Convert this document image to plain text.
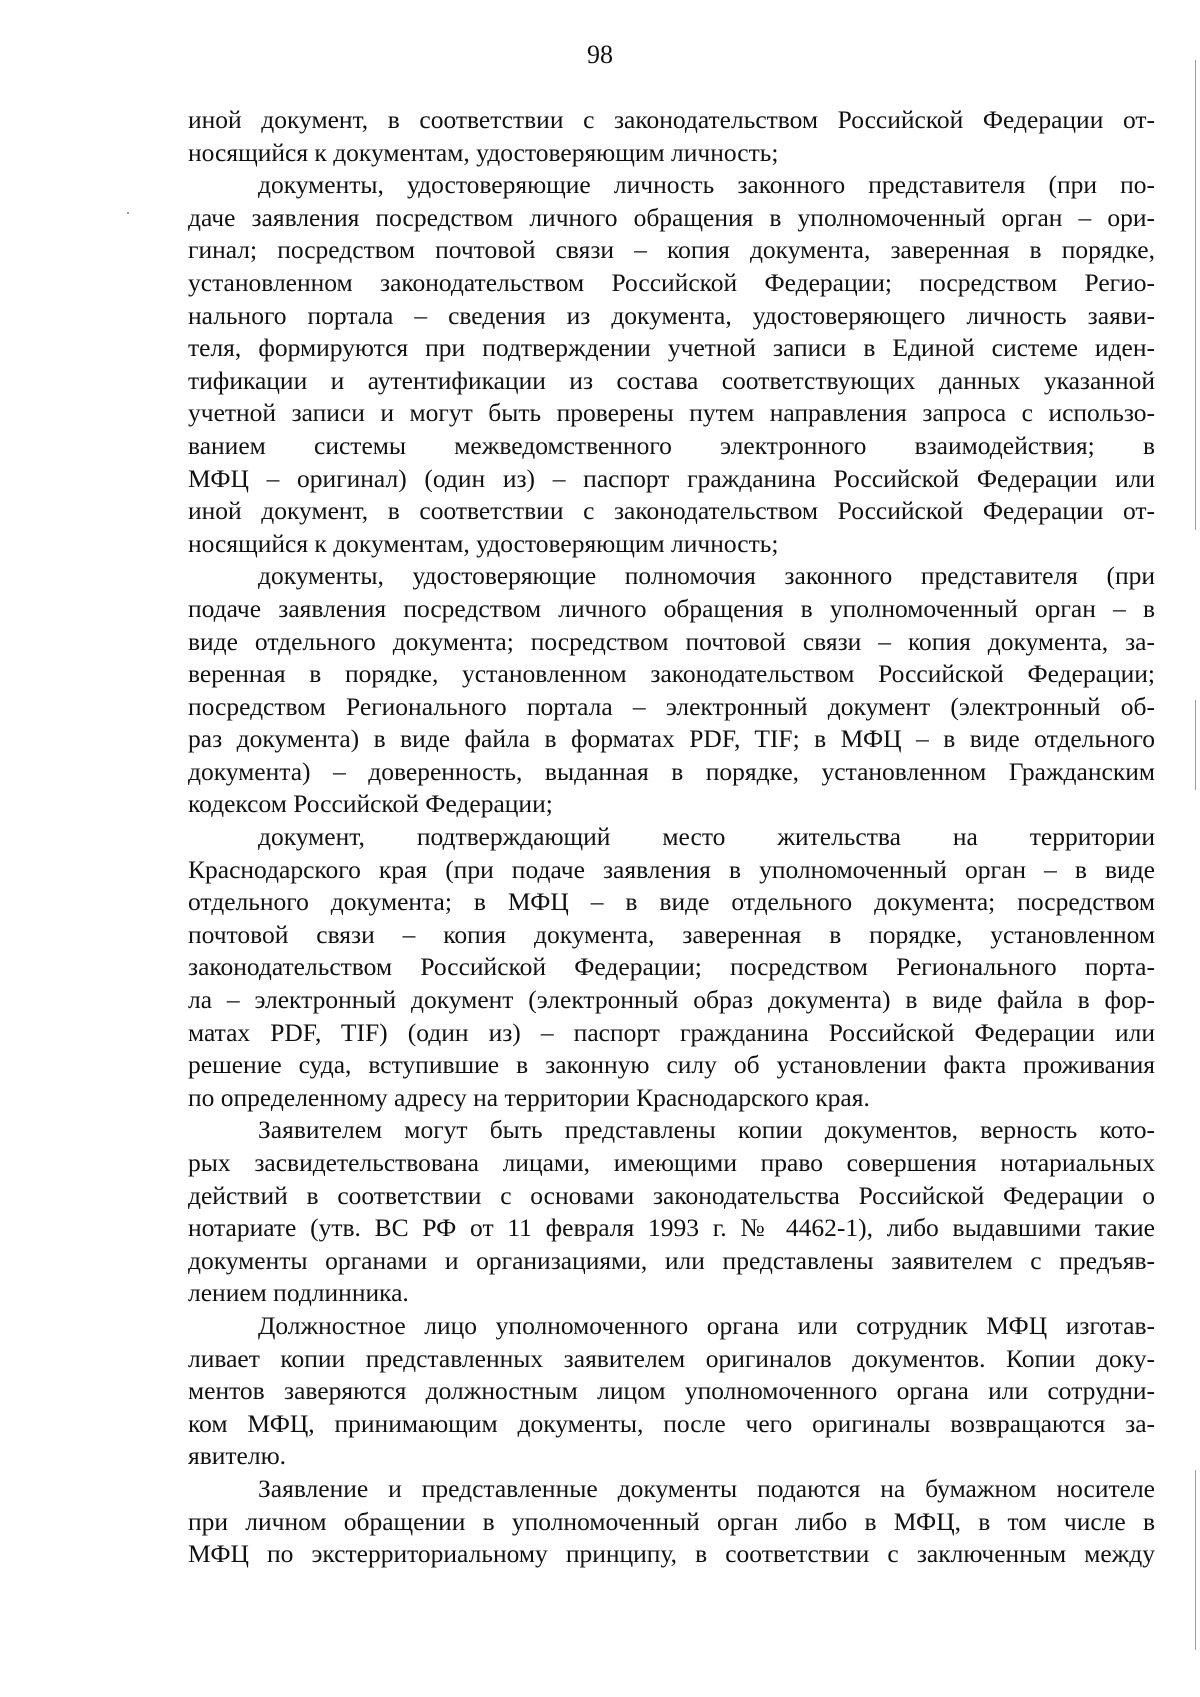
98
иной документ, в соответствии с законодательством Российской Федерации от-
носящийся к документам, удостоверяющим личность;
документы, удостоверяющие личность законного представителя (при по-
даче заявления посредством личного обращения в уполномоченный орган – ори-
гинал; посредством почтовой связи – копия документа, заверенная в порядке,
установленном законодательством Российской Федерации; посредством Регио-
нального портала – сведения из документа, удостоверяющего личность заяви-
теля, формируются при подтверждении учетной записи в Единой системе иден-
тификации и аутентификации из состава соответствующих данных указанной
учетной записи и могут быть проверены путем направления запроса с использо-
ванием системы межведомственного электронного взаимодействия; в
МФЦ – оригинал) (один из) – паспорт гражданина Российской Федерации или
иной документ, в соответствии с законодательством Российской Федерации от-
носящийся к документам, удостоверяющим личность;
документы, удостоверяющие полномочия законного представителя (при
подаче заявления посредством личного обращения в уполномоченный орган – в
виде отдельного документа; посредством почтовой связи – копия документа, за-
веренная в порядке, установленном законодательством Российской Федерации;
посредством Регионального портала – электронный документ (электронный об-
раз документа) в виде файла в форматах PDF, TIF; в МФЦ – в виде отдельного
документа) – доверенность, выданная в порядке, установленном Гражданским
кодексом Российской Федерации;
документ, подтверждающий место жительства на территории
Краснодарского края (при подаче заявления в уполномоченный орган – в виде
отдельного документа; в МФЦ – в виде отдельного документа; посредством
почтовой связи – копия документа, заверенная в порядке, установленном
законодательством Российской Федерации; посредством Регионального порта-
ла – электронный документ (электронный образ документа) в виде файла в фор-
матах PDF, TIF) (один из) – паспорт гражданина Российской Федерации или
решение суда, вступившие в законную силу об установлении факта проживания
по определенному адресу на территории Краснодарского края.
Заявителем могут быть представлены копии документов, верность кото-
рых засвидетельствована лицами, имеющими право совершения нотариальных
действий в соответствии с основами законодательства Российской Федерации о
нотариате (утв. ВС РФ от 11 февраля 1993 г. № 4462-1), либо выдавшими такие
документы органами и организациями, или представлены заявителем с предъяв-
лением подлинника.
Должностное лицо уполномоченного органа или сотрудник МФЦ изготав-
ливает копии представленных заявителем оригиналов документов. Копии доку-
ментов заверяются должностным лицом уполномоченного органа или сотрудни-
ком МФЦ, принимающим документы, после чего оригиналы возвращаются за-
явителю.
Заявление и представленные документы подаются на бумажном носителе
при личном обращении в уполномоченный орган либо в МФЦ, в том числе в
МФЦ по экстерриториальному принципу, в соответствии с заключенным между
